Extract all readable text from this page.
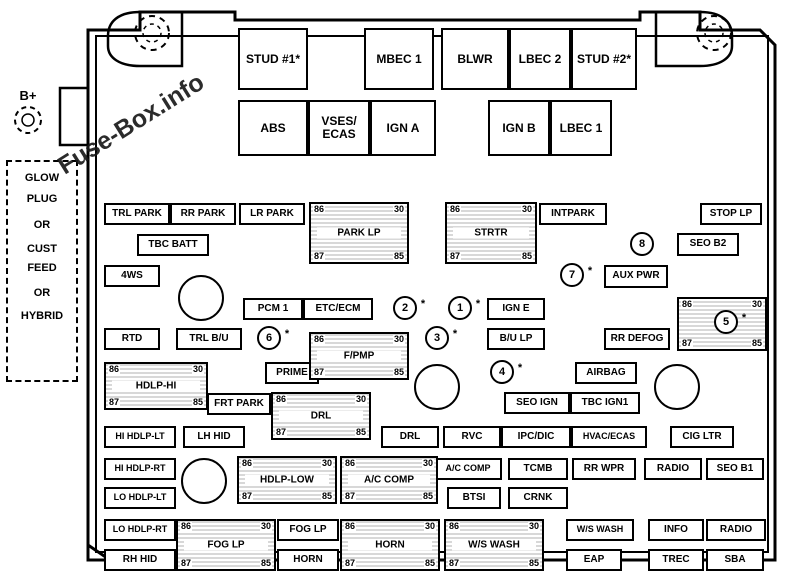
B+
GLOW
PLUG
OR
CUST
FEED
OR
HYBRID
Fuse-Box.info
STUD #1*	MBEC 1	BLWR LBEC 2 STUD #2*
ABS	VSES/ ECAS	IGN A	IGN B LBEC 1
TRL PARK RR PARK LR PARK	INTPARK	STOP LP
TBC BATT	SEO B2
4WS	AUX PWR
PCM 1	ETC/ECM	IGN E
RTD	TRL B/U	B/U LP	RR DEFOG
PRIME	AIRBAG
SEO IGN TBC IGN1
FRT PARK
DRL	RVC	IPC/DIC	HVAC/ECAS	CIG LTR
HI HDLP-LT	LH HID
HI HDLP-RT	A/C COMP	TCMB	RR WPR	RADIO	SEO B1
LO HDLP-LT	BTSI	CRNK
LO HDLP-RT	FOG LP	W/S WASH	INFO	RADIO
RH HID	HORN	EAP	TREC	SBA
86	30
87	85
PARK LP
86	30
87	85
STRTR
86	30
87	85
86	30
87	85
F/PMP
86	30
87	85
HDLP-HI
86	30
87	85
DRL
86	30
87	85
HDLP-LOW
86	30
87	85
A/C COMP
86	30
87	85
FOG LP
86	30
87	85
HORN
86	30
87	85
W/S WASH
8
7 *
2 *	1 *
5 *
6 *	3 *
4 *
